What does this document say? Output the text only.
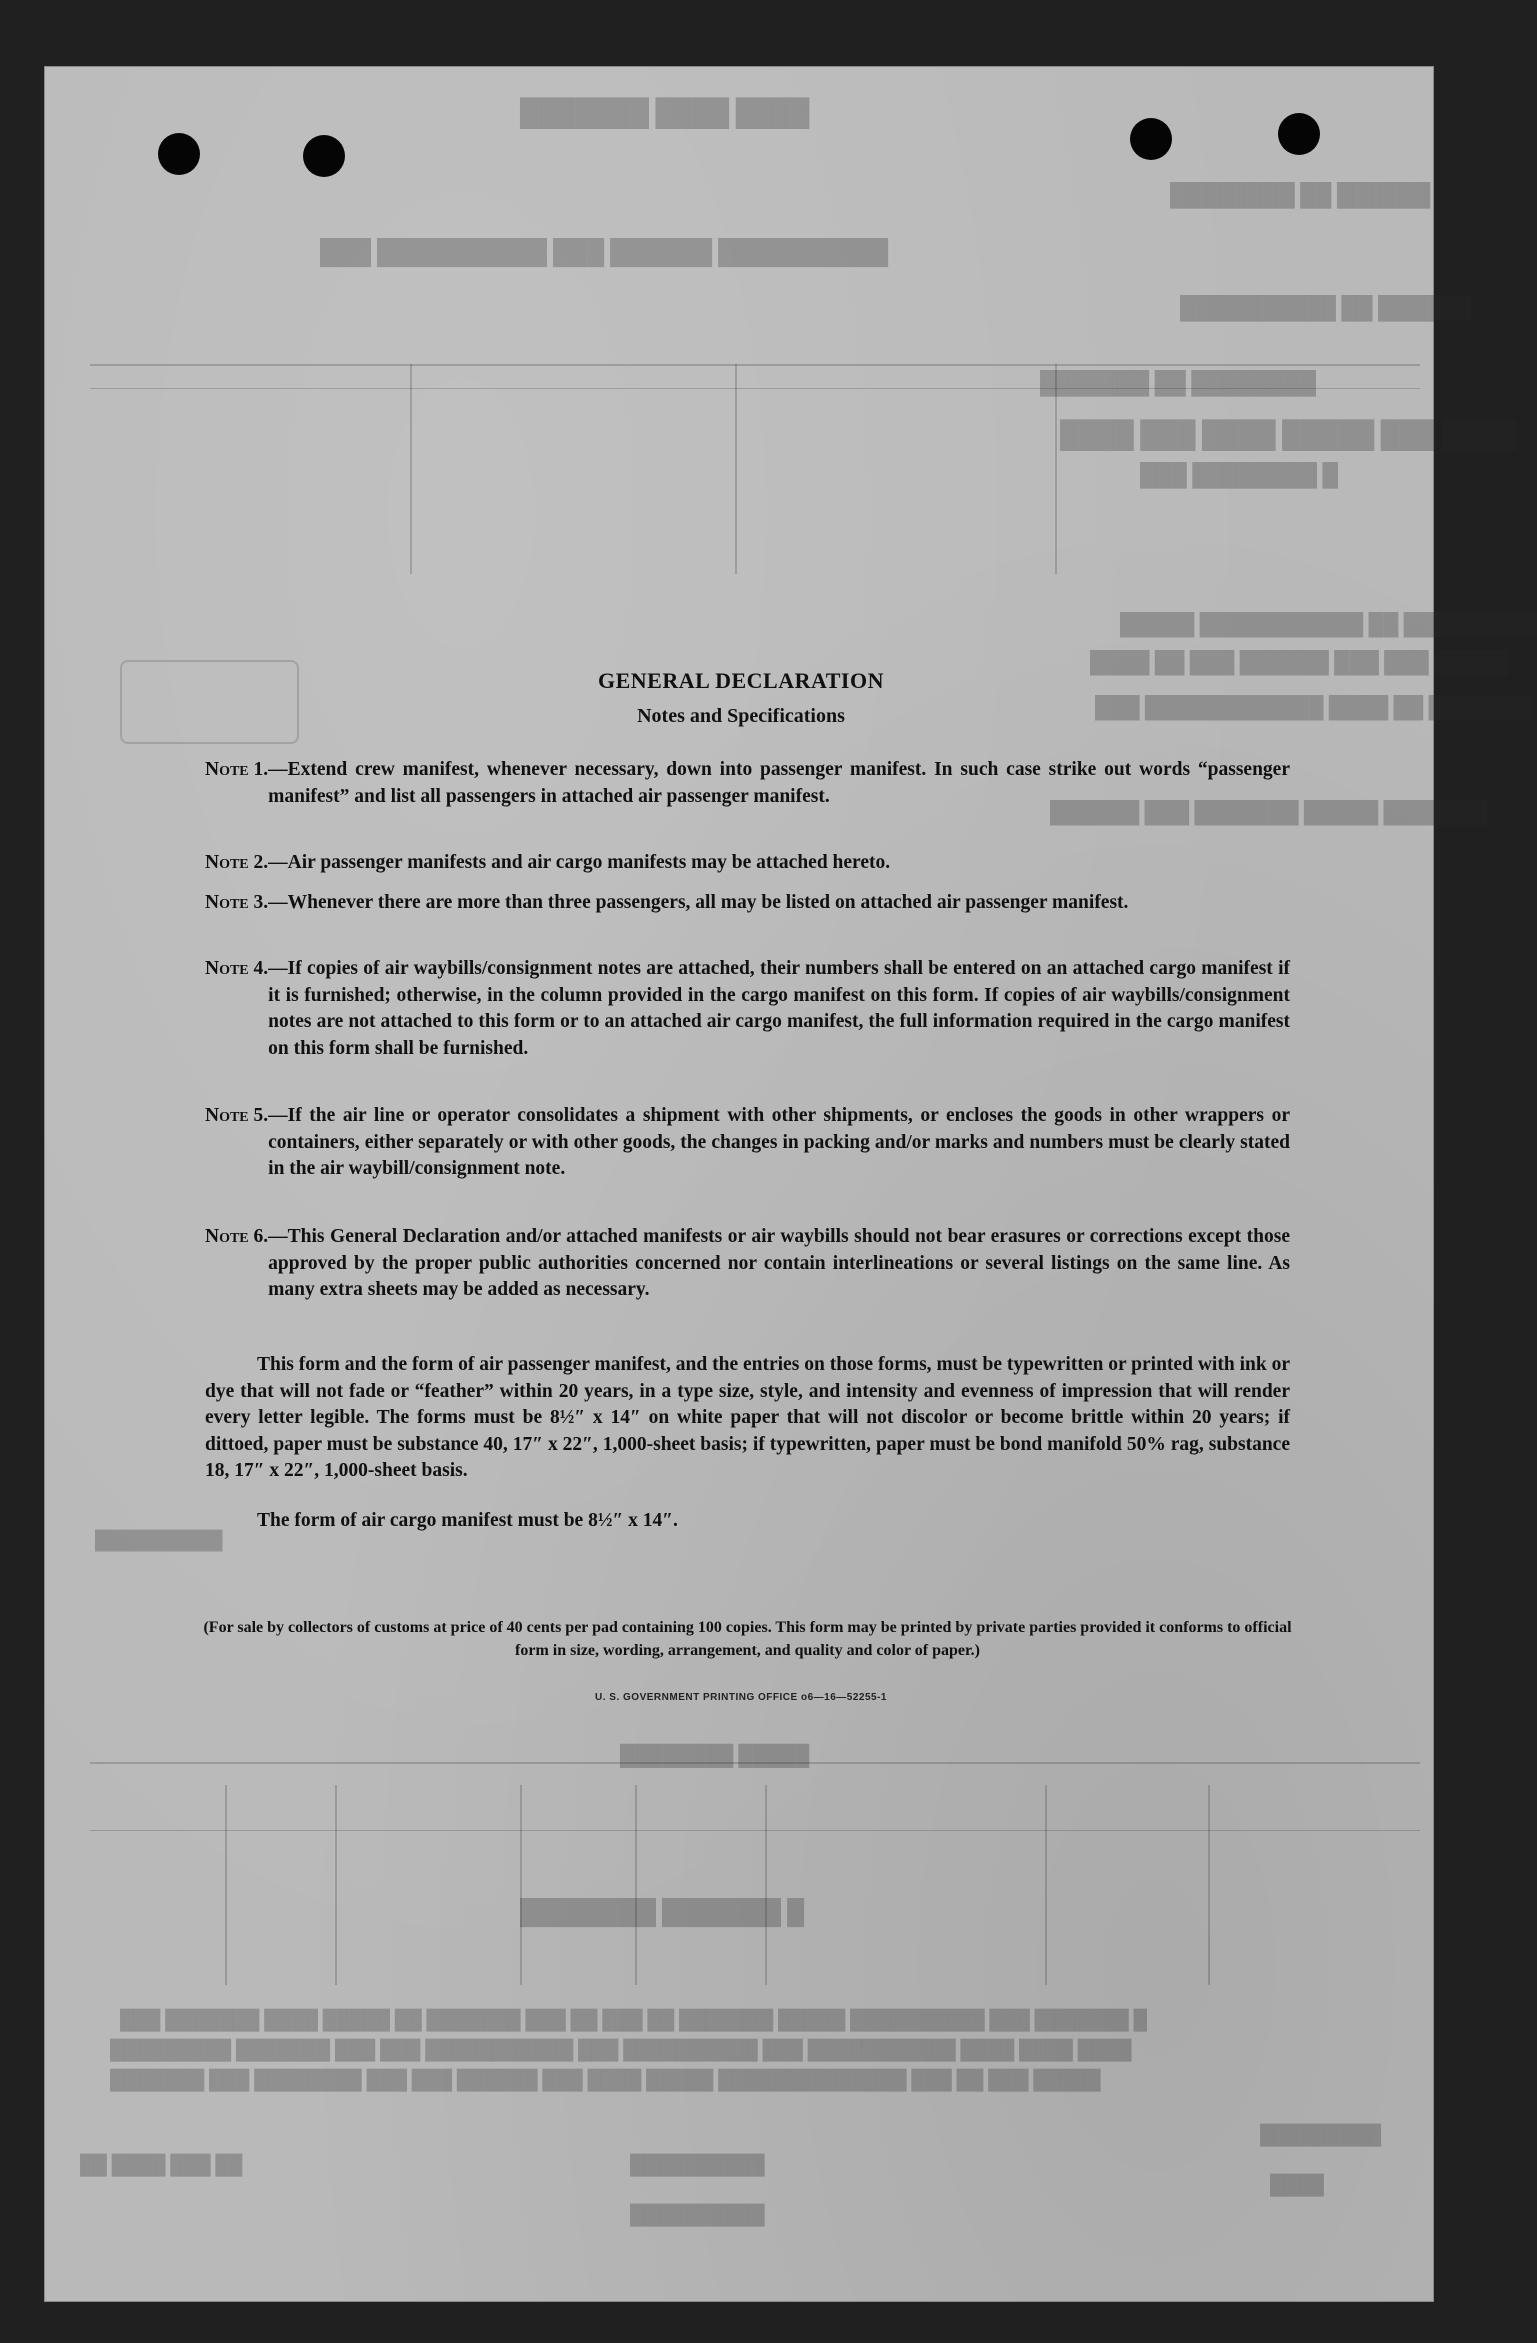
████ ████ ███████
██████ ██ ████████
██████████ ██████ ███ ██████████ ███
██████ ██ ██████████
████████ ██ ███████
████ ███ █████ ████ ███ ████
█ ████████ ███
█████████ ██ ███████████ █████
█████ ███ ███ ██████ ███ ██ ████
███████ ██ ████ ████████████ ███
███████ █████ ███████ ███ ██████
██████████
█████ ████████
█ ███████ ████████
█ ███████ ███ ██████████ █████ ███████ ██ ███ ██ ███ ███████ ██ █████ ████ ███████ ███
████ ████ ████ ███████████ ███ ██████████ ███ ███████████ ███ ███ ███████ █████████
█████ ███ ██ ███ ██████████████ █████ ████ ███ ██████ ███ ███ ████████ ███ ███████
█████████
████
██ ███ ████ ██	██████████
██████████
GENERAL DECLARATION
Notes and Specifications
Note 1. —Extend crew manifest, whenever necessary, down into passenger manifest. In such case strike out words “passenger manifest” and list all passengers in attached air passenger manifest.
Note 2. —Air passenger manifests and air cargo manifests may be attached hereto.
Note 3. —Whenever there are more than three passengers, all may be listed on attached air passenger manifest.
Note 4. —If copies of air waybills/consignment notes are attached, their numbers shall be entered on an attached cargo manifest if it is furnished; otherwise, in the column provided in the cargo manifest on this form. If copies of air waybills/consignment notes are not attached to this form or to an attached air cargo manifest, the full information required in the cargo manifest on this form shall be furnished.
Note 5. —If the air line or operator consolidates a shipment with other shipments, or encloses the goods in other wrappers or containers, either separately or with other goods, the changes in packing and/or marks and numbers must be clearly stated in the air waybill/consignment note.
Note 6. —This General Declaration and/or attached manifests or air waybills should not bear erasures or corrections except those approved by the proper public authorities concerned nor contain interlineations or several listings on the same line. As many extra sheets may be added as necessary.
This form and the form of air passenger manifest, and the entries on those forms, must be typewritten or printed with ink or dye that will not fade or “feather” within 20 years, in a type size, style, and intensity and evenness of impression that will render every letter legible. The forms must be 8½″ x 14″ on white paper that will not discolor or become brittle within 20 years; if dittoed, paper must be substance 40, 17″ x 22″, 1,000-sheet basis; if typewritten, paper must be bond manifold 50% rag, substance 18, 17″ x 22″, 1,000-sheet basis.
The form of air cargo manifest must be 8½″ x 14″.
(For sale by collectors of customs at price of 40 cents per pad containing 100 copies. This form may be printed by private parties provided it conforms to official form in size, wording, arrangement, and quality and color of paper.)
U. S. GOVERNMENT PRINTING OFFICE o6—16—52255-1
